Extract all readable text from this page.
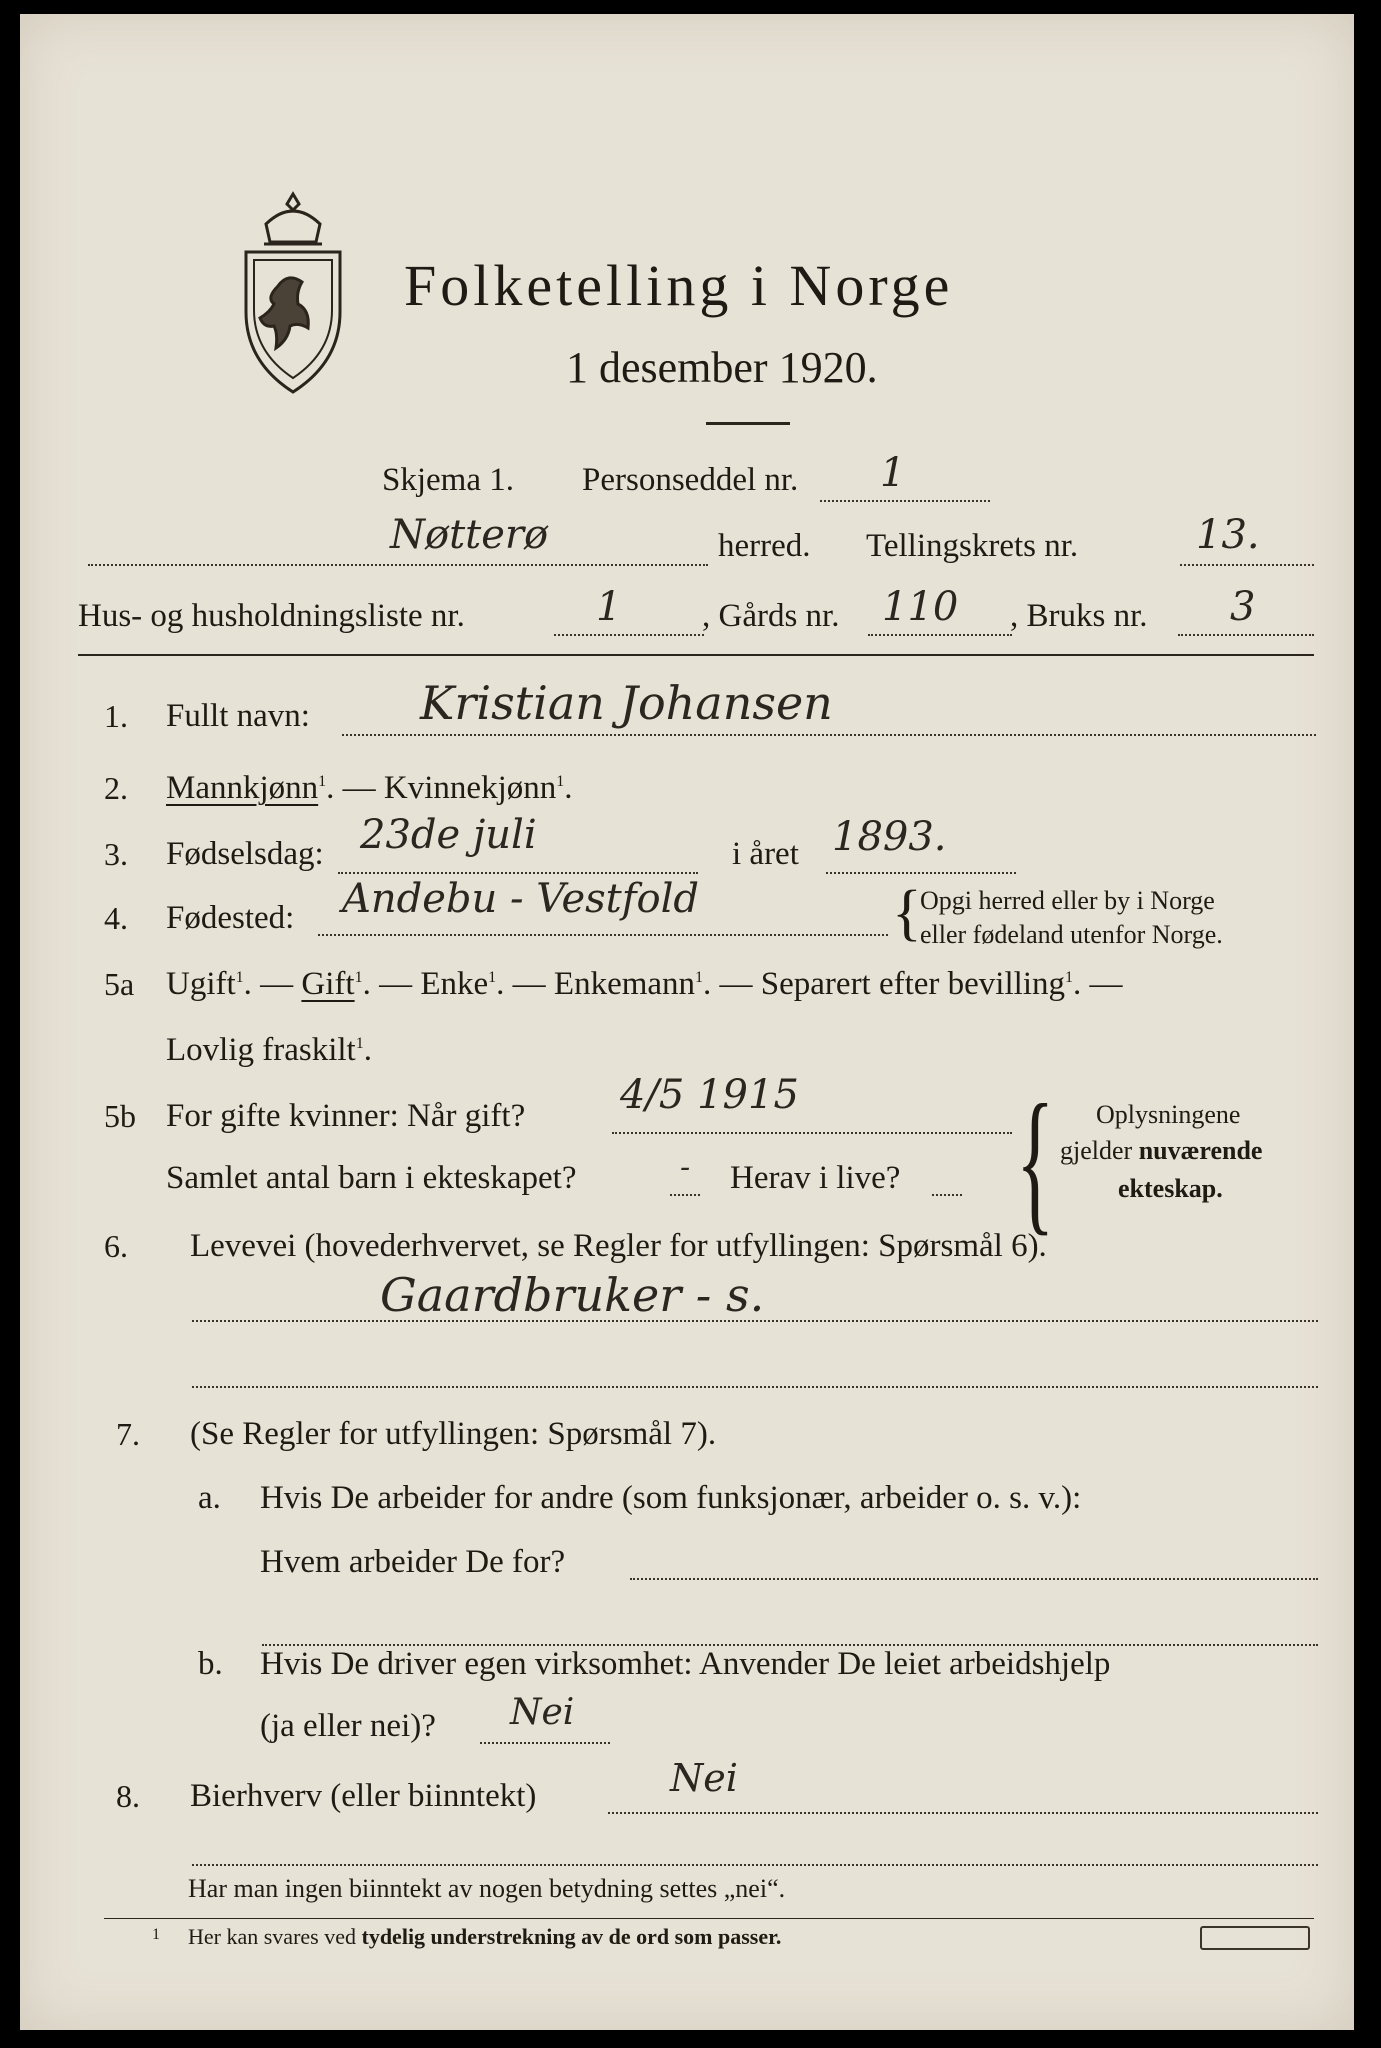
Folketelling i Norge
1 desember 1920.
Skjema 1. Personseddel nr. 1
Nøtterø	herred. Tellingskrets nr.	13.
Hus- og husholdningsliste nr.	1 , Gårds nr. 110 , Bruks nr. 3
1. Fullt navn: Kristian Johansen
2. Mannkjønn$^1$. — Kvinnekjønn$^1$.
3. Fødselsdag: 23de juli	i året 1893.
4. Fødested: Andebu - Vestfold	{
Opgi herred eller by i Norge
eller fødeland utenfor Norge.
5a Ugift$^1$. — Gift$^1$. — Enke$^1$. — Enkemann$^1$. — Separert efter bevilling$^1$. —
Lovlig fraskilt$^1$.
5b For gifte kvinner: Når gift? 4/5 1915
Samlet antal barn i ekteskapet?	- Herav i live? { Oplysningene
gjelder nuværende
ekteskap.
6. Levevei (hovederhvervet, se Regler for utfyllingen: Spørsmål 6).
Gaardbruker - s.
7. (Se Regler for utfyllingen: Spørsmål 7).
a. Hvis De arbeider for andre (som funksjonær, arbeider o. s. v.):
Hvem arbeider De for?
b. Hvis De driver egen virksomhet: Anvender De leiet arbeidshjelp
(ja eller nei)? Nei
8. Bierhverv (eller biinntekt)	Nei
Har man ingen biinntekt av nogen betydning settes „nei“.
1 Her kan svares ved tydelig understrekning av de ord som passer.
